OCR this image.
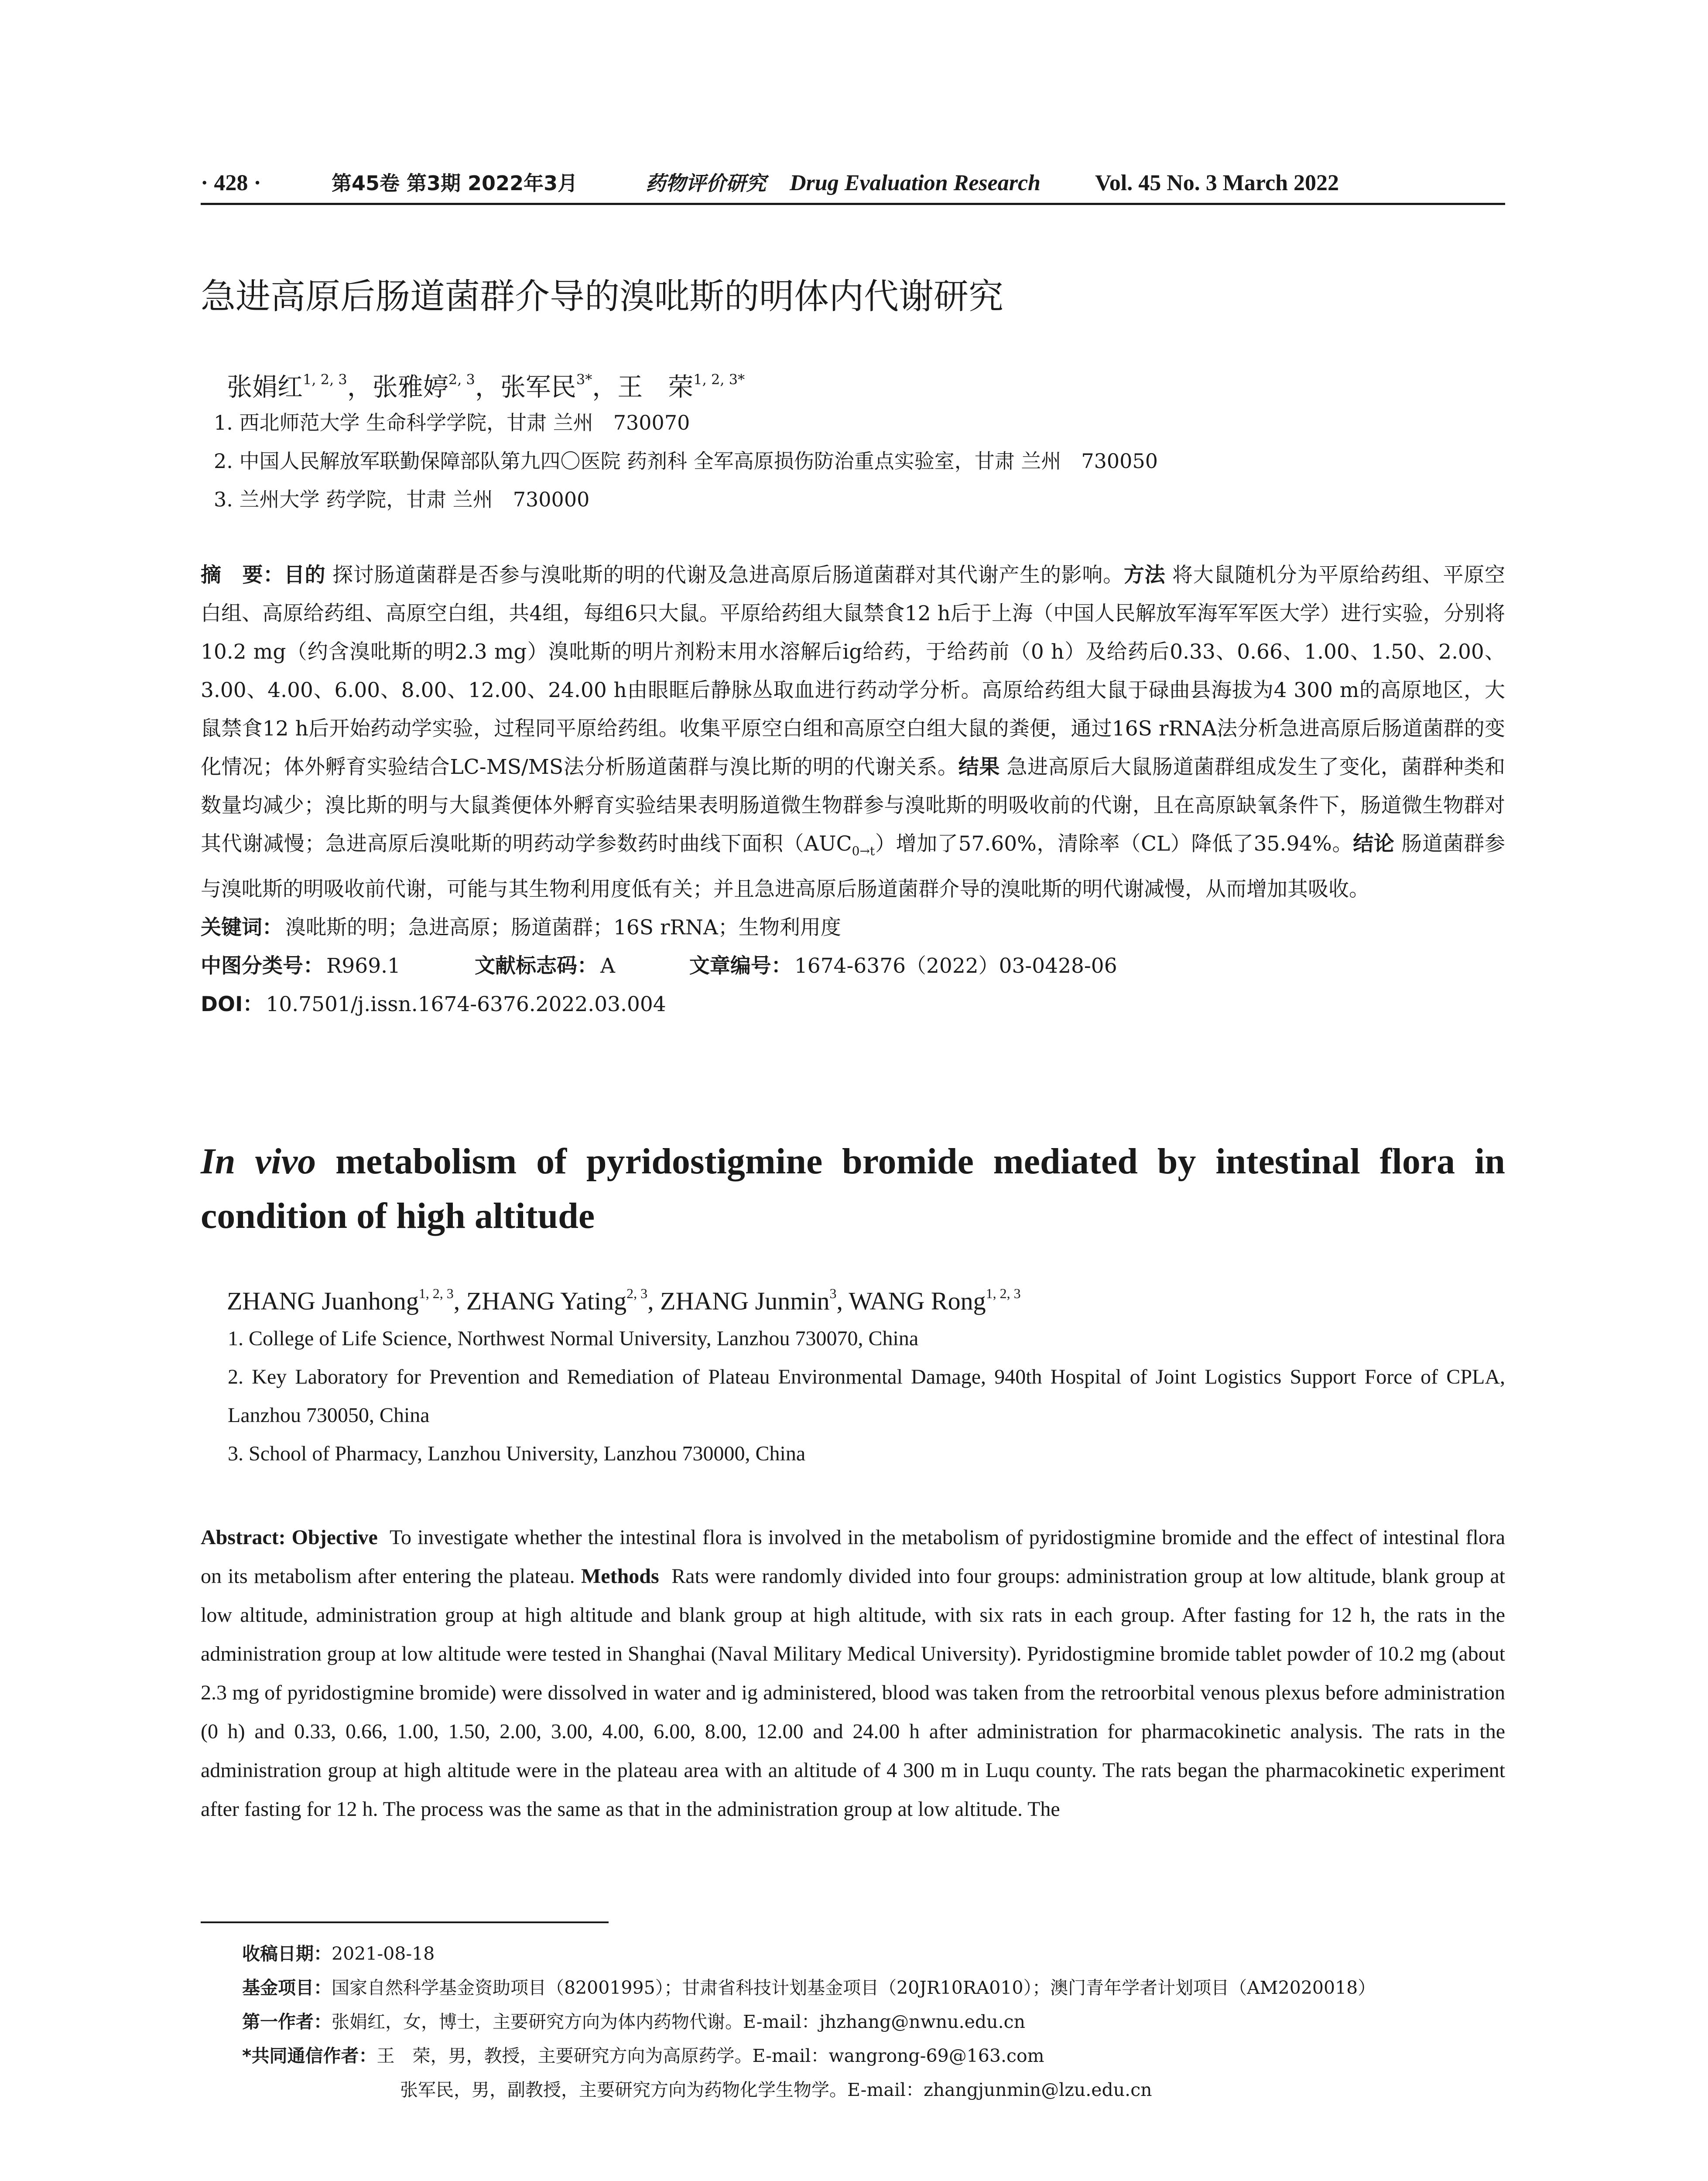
· 428 ·	第45卷 第3期 2022年3月	药物评价研究 Drug Evaluation Research Vol. 45 No. 3 March 2022
急进高原后肠道菌群介导的溴吡斯的明体内代谢研究
张娟红$^{1, 2, 3}$，张雅婷$^{2, 3}$，张军民$^{3*}$，王　荣$^{1, 2, 3*}$
1. 西北师范大学 生命科学学院，甘肃 兰州　730070
2. 中国人民解放军联勤保障部队第九四〇医院 药剂科 全军高原损伤防治重点实验室，甘肃 兰州　730050
3. 兰州大学 药学院，甘肃 兰州　730000

摘　要：目的 探讨肠道菌群是否参与溴吡斯的明的代谢及急进高原后肠道菌群对其代谢产生的影响。方法 将大鼠随机分为平原给药组、平原空白组、高原给药组、高原空白组，共4组，每组6只大鼠。平原给药组大鼠禁食12 h后于上海（中国人民解放军海军军医大学）进行实验，分别将10.2 mg（约含溴吡斯的明2.3 mg）溴吡斯的明片剂粉末用水溶解后ig给药，于给药前（0 h）及给药后0.33、0.66、1.00、1.50、2.00、3.00、4.00、6.00、8.00、12.00、24.00 h由眼眶后静脉丛取血进行药动学分析。高原给药组大鼠于碌曲县海拔为4 300 m的高原地区，大鼠禁食12 h后开始药动学实验，过程同平原给药组。收集平原空白组和高原空白组大鼠的粪便，通过16S rRNA法分析急进高原后肠道菌群的变化情况；体外孵育实验结合LC-MS/MS法分析肠道菌群与溴比斯的明的代谢关系。结果 急进高原后大鼠肠道菌群组成发生了变化，菌群种类和数量均减少；溴比斯的明与大鼠粪便体外孵育实验结果表明肠道微生物群参与溴吡斯的明吸收前的代谢，且在高原缺氧条件下，肠道微生物群对其代谢减慢；急进高原后溴吡斯的明药动学参数药时曲线下面积$(AUC_{0\to t})$增加了57.60%，清除率（CL）降低了35.94%。结论 肠道菌群参与溴吡斯的明吸收前代谢，可能与其生物利用度低有关；并且急进高原后肠道菌群介导的溴吡斯的明代谢减慢，从而增加其吸收。

关键词： 溴吡斯的明；急进高原；肠道菌群；16S rRNA；生物利用度
中图分类号： R969.1	文献标志码： A	文章编号： 1674-6376（2022）03-0428-06
DOI： 10.7501/j.issn.1674-6376.2022.03.004
In vivo metabolism of pyridostigmine bromide mediated by intestinal flora in
condition of high altitude
ZHANG Juanhong$^{1, 2, 3}$, ZHANG Yating$^{2, 3}$, ZHANG Junmin$^3$, WANG Rong$^{1, 2, 3}$
1. College of Life Science, Northwest Normal University, Lanzhou 730070, China
2. Key Laboratory for Prevention and Remediation of Plateau Environmental Damage, 940th Hospital of Joint Logistics Support Force of CPLA, Lanzhou 730050, China
3. School of Pharmacy, Lanzhou University, Lanzhou 730000, China

Abstract: Objective To investigate whether the intestinal flora is involved in the metabolism of pyridostigmine bromide and the effect of intestinal flora on its metabolism after entering the plateau. Methods Rats were randomly divided into four groups: administration group at low altitude, blank group at low altitude, administration group at high altitude and blank group at high altitude, with six rats in each group. After fasting for 12 h, the rats in the administration group at low altitude were tested in Shanghai (Naval Military Medical University). Pyridostigmine bromide tablet powder of 10.2 mg (about 2.3 mg of pyridostigmine bromide) were dissolved in water and ig administered, blood was taken from the retroorbital venous plexus before administration (0 h) and 0.33, 0.66, 1.00, 1.50, 2.00, 3.00, 4.00, 6.00, 8.00, 12.00 and 24.00 h after administration for pharmacokinetic analysis. The rats in the administration group at high altitude were in the plateau area with an altitude of 4 300 m in Luqu county. The rats began the pharmacokinetic experiment after fasting for 12 h. The process was the same as that in the administration group at low altitude. The

收稿日期：2021-08-18
基金项目：国家自然科学基金资助项目（82001995）；甘肃省科技计划基金项目（20JR10RA010）；澳门青年学者计划项目（AM2020018）
第一作者：张娟红，女，博士，主要研究方向为体内药物代谢。E-mail：jhzhang@nwnu.edu.cn
*共同通信作者：王　荣，男，教授，主要研究方向为高原药学。E-mail：wangrong-69@163.com
张军民，男，副教授，主要研究方向为药物化学生物学。E-mail：zhangjunmin@lzu.edu.cn
